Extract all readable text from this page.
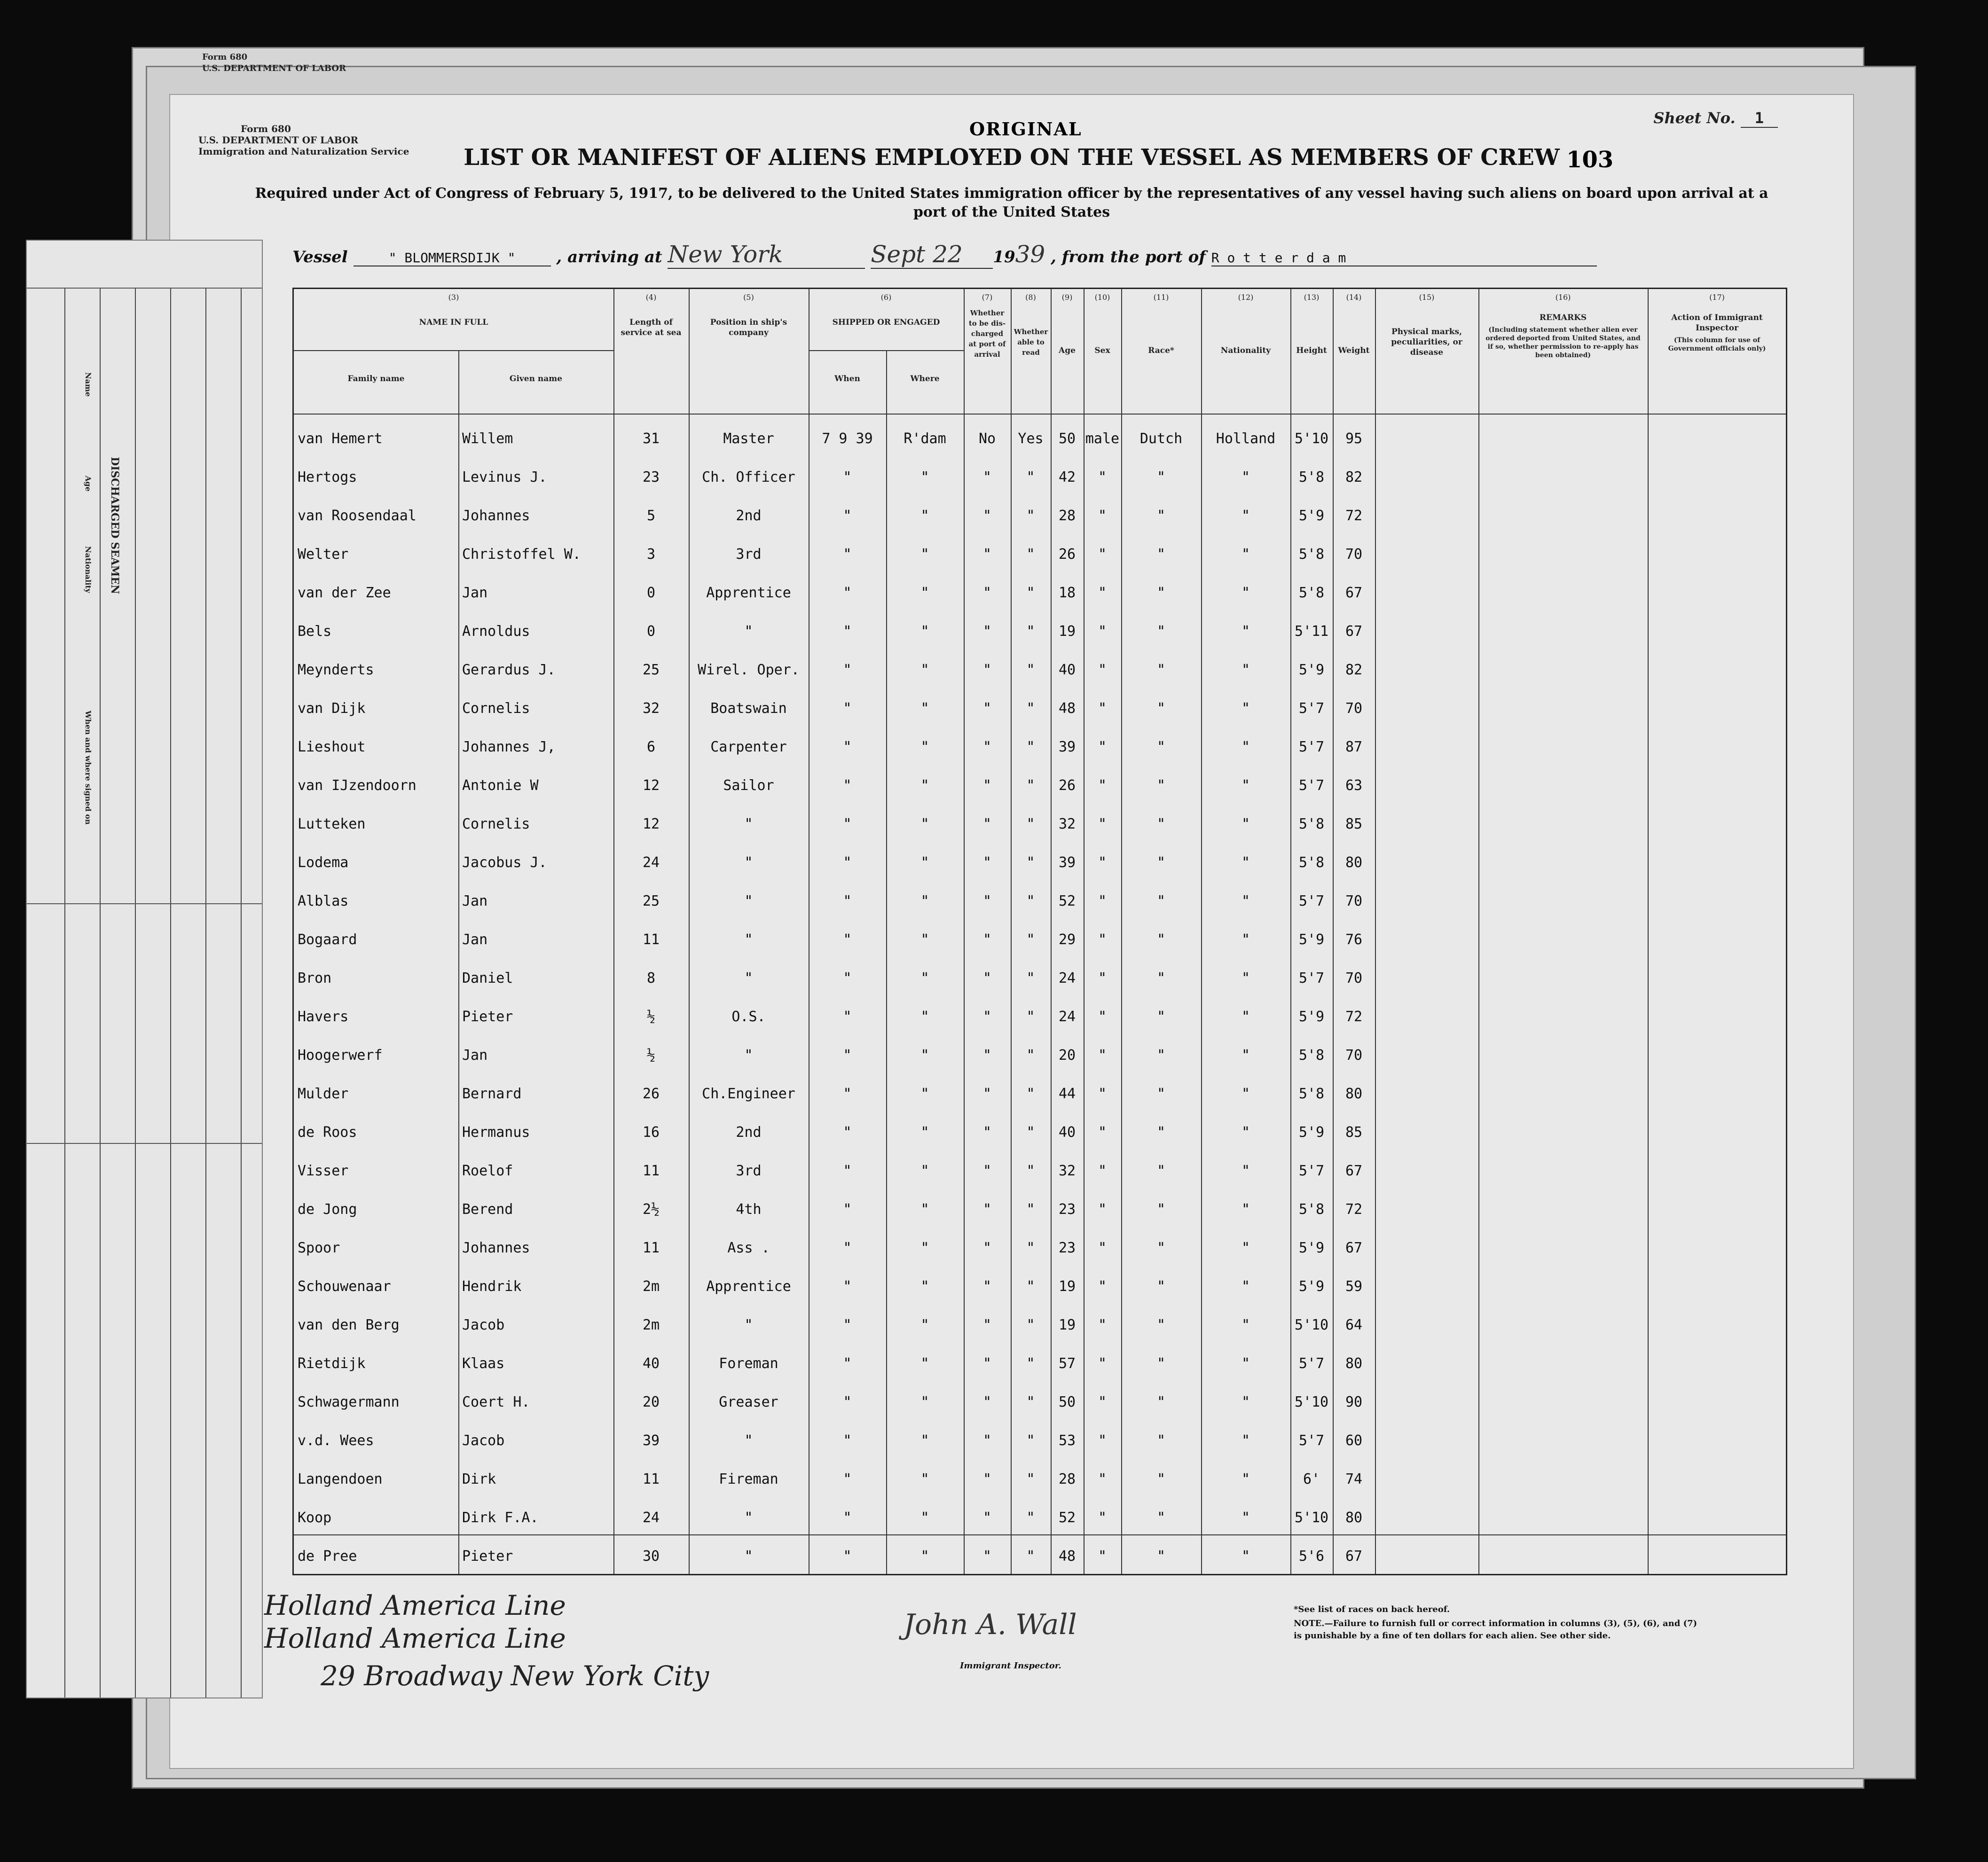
Form 680
U.S. DEPARTMENT OF LABOR
Form 680
U.S. DEPARTMENT OF LABOR
Immigration and Naturalization Service
ORIGINAL
Sheet No. 1
103
LIST OR MANIFEST OF ALIENS EMPLOYED ON THE VESSEL AS MEMBERS OF CREW
Required under Act of Congress of February 5, 1917, to be delivered to the United States immigration officer by the representatives of any vessel having such aliens on board upon arrival at a port of the United States
Vessel	" BLOMMERSDIJK "	, arriving at New York	Sept 22 1939 , from the port of R o t t e r d a m
(3)
NAME IN FULL
Family name	Given name
(4)
Length of service at sea
(5)
Position in ship's company
(6)
SHIPPED OR ENGAGED
When	Where
(7)
Whether to be dis-charged at port of arrival
(8)
Whether able to read
(9)
Age
(10)
Sex
(11)
Race*
(12)
Nationality
(13)
Height
(14)
Weight
(15)
Physical marks, peculiarities, or disease
(16)
REMARKS
(Including statement whether alien ever ordered deported from United States, and if so, whether permission to re-apply has been obtained)
(17)
Action of Immigrant Inspector
(This column for use of Government officials only)
van Hemert	Willem	31	Master	7 9 39	R'dam	No	Yes	50 male	Dutch	Holland	5'10	95
Hertogs	Levinus J.	23	Ch. Officer	"	"	"	"	42	"	"	"	5'8	82
van Roosendaal	Johannes	5	2nd	"	"	"	"	28	"	"	"	5'9	72
Welter	Christoffel W.	3	3rd	"	"	"	"	26	"	"	"	5'8	70
van der Zee	Jan	0	Apprentice	"	"	"	"	18	"	"	"	5'8	67
Bels	Arnoldus	0	"	"	"	"	"	19	"	"	"	5'11	67
Meynderts	Gerardus J.	25	Wirel. Oper.	"	"	"	"	40	"	"	"	5'9	82
van Dijk	Cornelis	32	Boatswain	"	"	"	"	48	"	"	"	5'7	70
Lieshout	Johannes J,	6	Carpenter	"	"	"	"	39	"	"	"	5'7	87
van IJzendoorn	Antonie W	12	Sailor	"	"	"	"	26	"	"	"	5'7	63
Lutteken	Cornelis	12	"	"	"	"	"	32	"	"	"	5'8	85
Lodema	Jacobus J.	24	"	"	"	"	"	39	"	"	"	5'8	80
Alblas	Jan	25	"	"	"	"	"	52	"	"	"	5'7	70
Bogaard	Jan	11	"	"	"	"	"	29	"	"	"	5'9	76
Bron	Daniel	8	"	"	"	"	"	24	"	"	"	5'7	70
Havers	Pieter	½	O.S.	"	"	"	"	24	"	"	"	5'9	72
Hoogerwerf	Jan	½	"	"	"	"	"	20	"	"	"	5'8	70
Mulder	Bernard	26	Ch.Engineer	"	"	"	"	44	"	"	"	5'8	80
de Roos	Hermanus	16	2nd	"	"	"	"	40	"	"	"	5'9	85
Visser	Roelof	11	3rd	"	"	"	"	32	"	"	"	5'7	67
de Jong	Berend	2½	4th	"	"	"	"	23	"	"	"	5'8	72
Spoor	Johannes	11	Ass .	"	"	"	"	23	"	"	"	5'9	67
Schouwenaar	Hendrik	2m	Apprentice	"	"	"	"	19	"	"	"	5'9	59
van den Berg	Jacob	2m	"	"	"	"	"	19	"	"	"	5'10	64
Rietdijk	Klaas	40	Foreman	"	"	"	"	57	"	"	"	5'7	80
Schwagermann	Coert H.	20	Greaser	"	"	"	"	50	"	"	"	5'10	90
v.d. Wees	Jacob	39	"	"	"	"	"	53	"	"	"	5'7	60
Langendoen	Dirk	11	Fireman	"	"	"	"	28	"	"	"	6'	74
Koop	Dirk F.A.	24	"	"	"	"	"	52	"	"	"	5'10	80
de Pree	Pieter	30	"	"	"	"	"	48	"	"	"	5'6	67
Holland America Line
Holland America Line
29 Broadway New York City
John A. Wall
Immigrant Inspector.
*See list of races on back hereof.
NOTE.—Failure to furnish full or correct information in columns (3), (5), (6), and (7) is punishable by a fine of ten dollars for each alien. See other side.
Name
Age
Nationality DISCHARGED SEAMEN
When and where signed on
